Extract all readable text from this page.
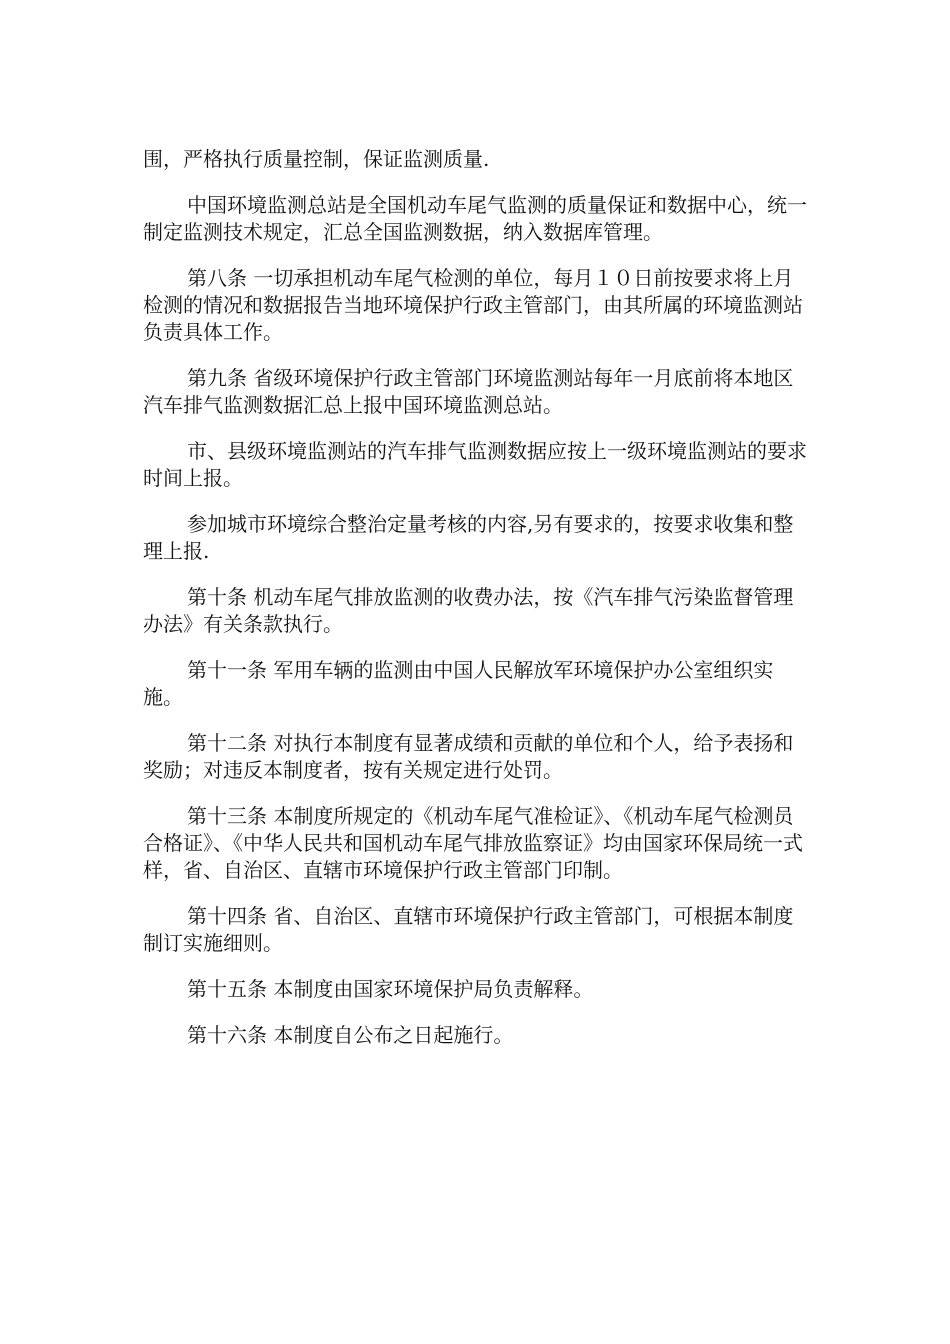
围，严格执行质量控制，保证监测质量.

中国环境监测总站是全国机动车尾气监测的质量保证和数据中心，统一制定监测技术规定，汇总全国监测数据，纳入数据库管理。

第八条 一切承担机动车尾气检测的单位，每月１０日前按要求将上月检测的情况和数据报告当地环境保护行政主管部门，由其所属的环境监测站负责具体工作。

第九条 省级环境保护行政主管部门环境监测站每年一月底前将本地区汽车排气监测数据汇总上报中国环境监测总站。

市、县级环境监测站的汽车排气监测数据应按上一级环境监测站的要求时间上报。

参加城市环境综合整治定量考核的内容,另有要求的，按要求收集和整理上报.

第十条 机动车尾气排放监测的收费办法，按《汽车排气污染监督管理办法》有关条款执行。

第十一条 军用车辆的监测由中国人民解放军环境保护办公室组织实施。

第十二条 对执行本制度有显著成绩和贡献的单位和个人，给予表扬和奖励；对违反本制度者，按有关规定进行处罚。

第十三条 本制度所规定的《机动车尾气准检证》、《机动车尾气检测员合格证》、《中华人民共和国机动车尾气排放监察证》均由国家环保局统一式样，省、自治区、直辖市环境保护行政主管部门印制。

第十四条 省、自治区、直辖市环境保护行政主管部门，可根据本制度制订实施细则。

第十五条 本制度由国家环境保护局负责解释。

第十六条 本制度自公布之日起施行。
